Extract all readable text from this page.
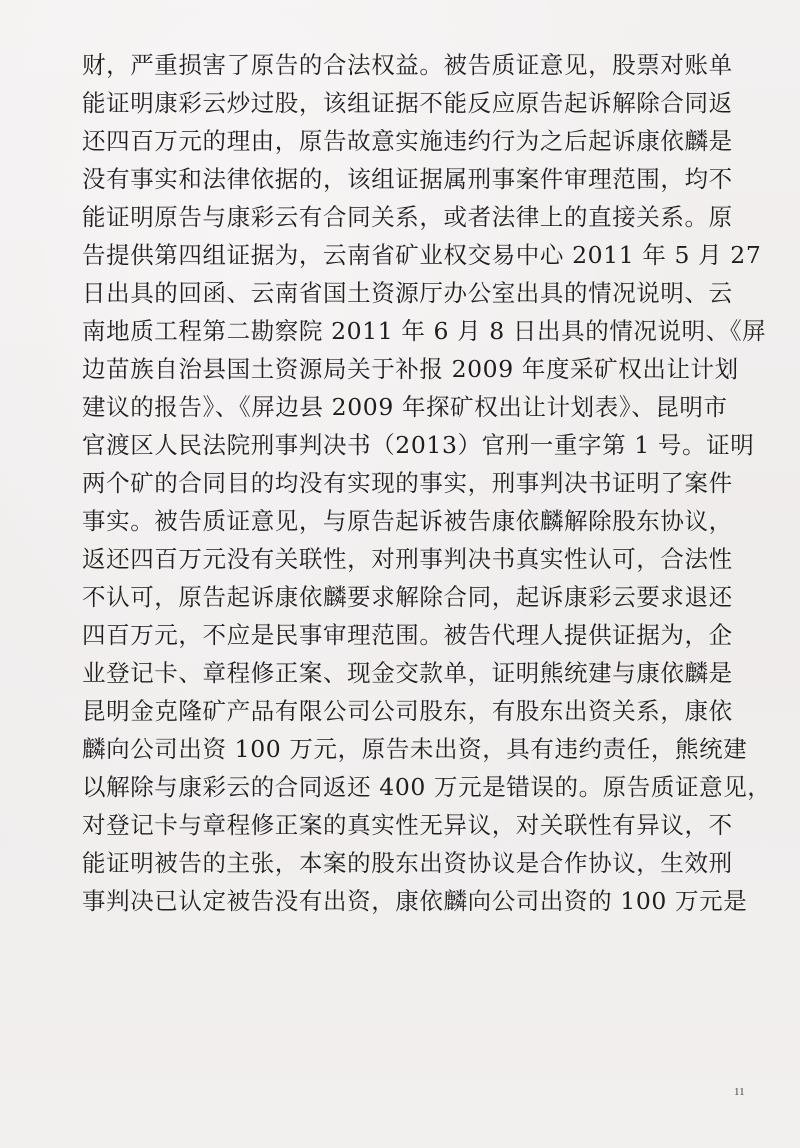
财，严重损害了原告的合法权益。被告质证意见，股票对账单
能证明康彩云炒过股，该组证据不能反应原告起诉解除合同返
还四百万元的理由，原告故意实施违约行为之后起诉康依麟是
没有事实和法律依据的，该组证据属刑事案件审理范围，均不
能证明原告与康彩云有合同关系，或者法律上的直接关系。原
告提供第四组证据为，云南省矿业权交易中心 2011 年 5 月 27
日出具的回函、云南省国土资源厅办公室出具的情况说明、云
南地质工程第二勘察院 2011 年 6 月 8 日出具的情况说明、《屏
边苗族自治县国土资源局关于补报 2009 年度采矿权出让计划
建议的报告》、《屏边县 2009 年探矿权出让计划表》、昆明市
官渡区人民法院刑事判决书（2013）官刑一重字第 1 号。证明
两个矿的合同目的均没有实现的事实，刑事判决书证明了案件
事实。被告质证意见，与原告起诉被告康依麟解除股东协议，
返还四百万元没有关联性，对刑事判决书真实性认可，合法性
不认可，原告起诉康依麟要求解除合同，起诉康彩云要求退还
四百万元，不应是民事审理范围。被告代理人提供证据为，企
业登记卡、章程修正案、现金交款单，证明熊统建与康依麟是
昆明金克隆矿产品有限公司公司股东，有股东出资关系，康依
麟向公司出资 100 万元，原告未出资，具有违约责任，熊统建
以解除与康彩云的合同返还 400 万元是错误的。原告质证意见，
对登记卡与章程修正案的真实性无异议，对关联性有异议，不
能证明被告的主张，本案的股东出资协议是合作协议，生效刑
事判决已认定被告没有出资，康依麟向公司出资的 100 万元是
11
